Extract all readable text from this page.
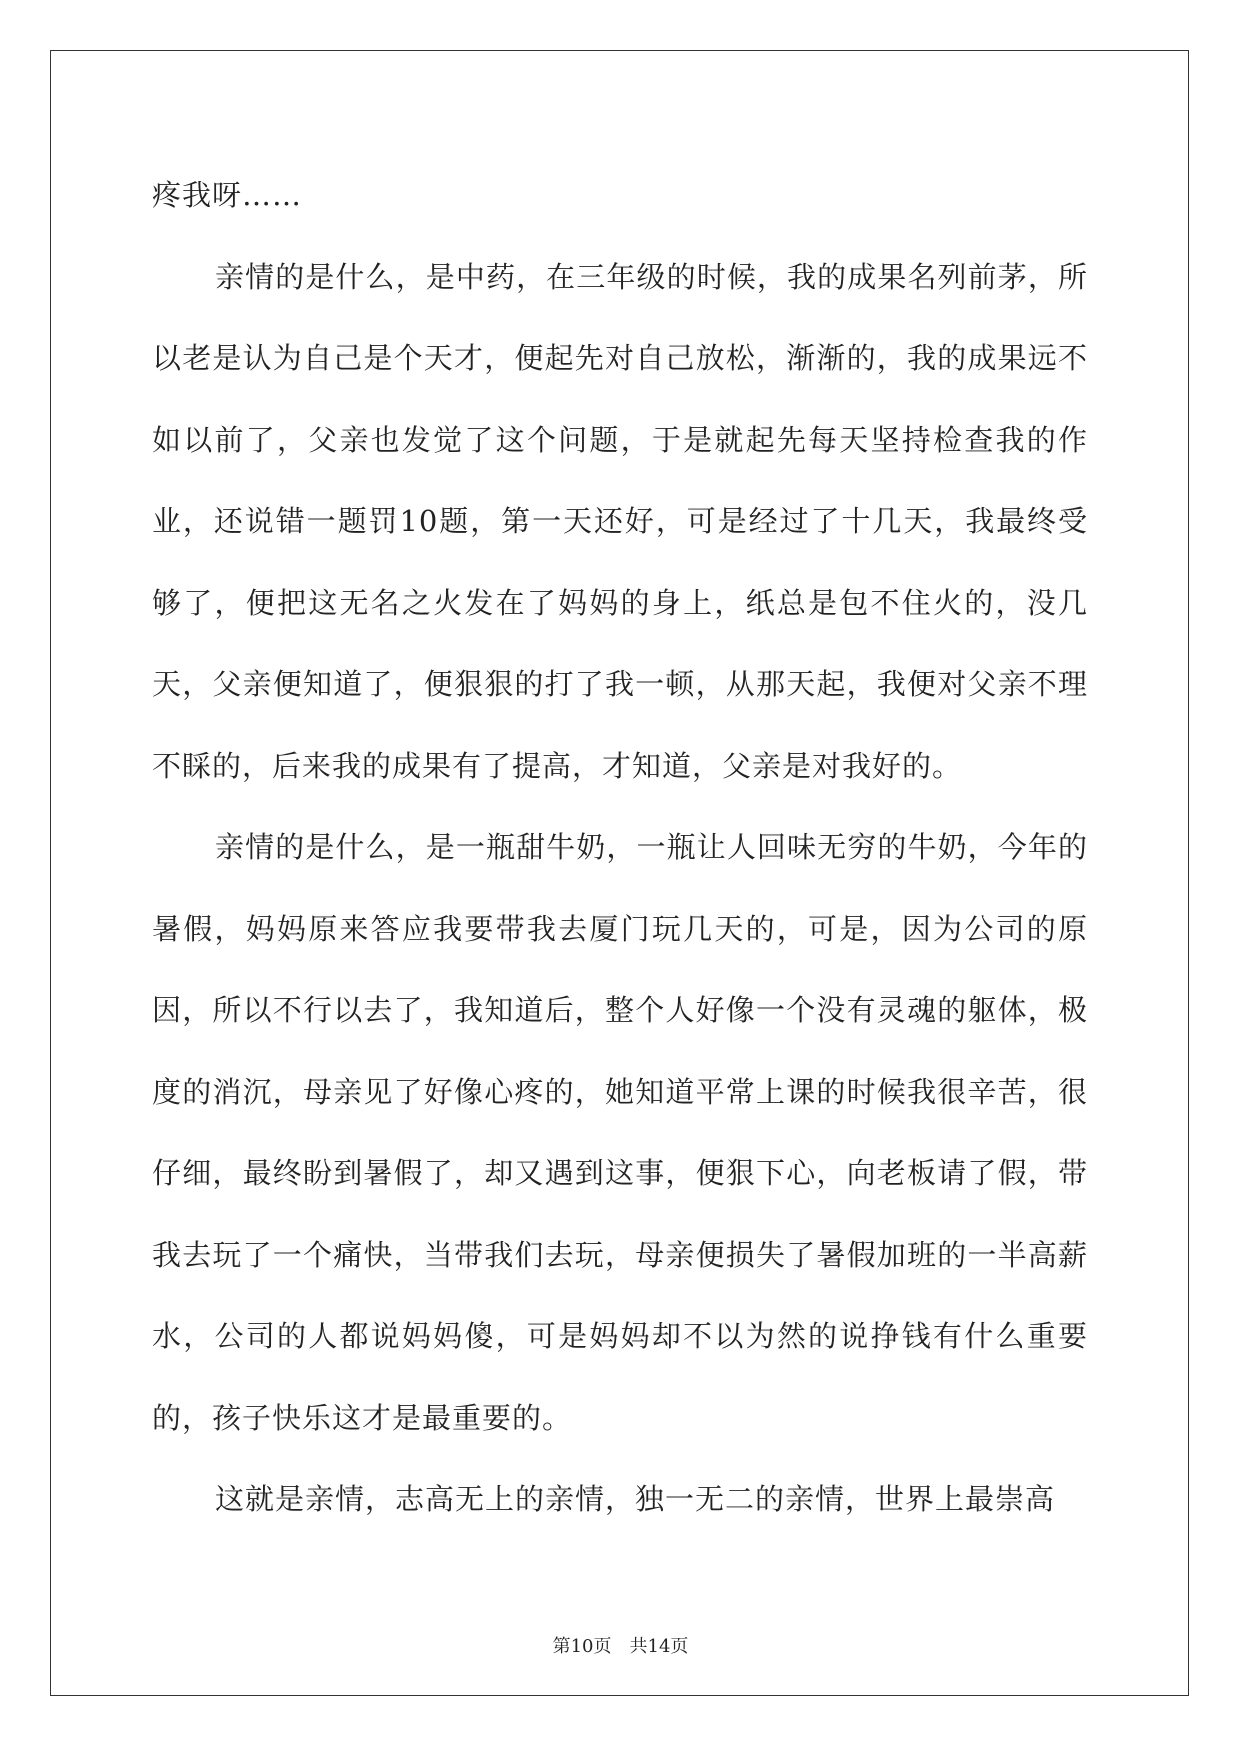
疼我呀……

亲情的是什么，是中药，在三年级的时候，我的成果名列前茅，所以老是认为自己是个天才，便起先对自己放松，渐渐的，我的成果远不如以前了，父亲也发觉了这个问题，于是就起先每天坚持检查我的作业，还说错一题罚10题，第一天还好，可是经过了十几天，我最终受够了，便把这无名之火发在了妈妈的身上，纸总是包不住火的，没几天，父亲便知道了，便狠狠的打了我一顿，从那天起，我便对父亲不理不睬的，后来我的成果有了提高，才知道，父亲是对我好的。

亲情的是什么，是一瓶甜牛奶，一瓶让人回味无穷的牛奶，今年的暑假，妈妈原来答应我要带我去厦门玩几天的，可是，因为公司的原因，所以不行以去了，我知道后，整个人好像一个没有灵魂的躯体，极度的消沉，母亲见了好像心疼的，她知道平常上课的时候我很辛苦，很仔细，最终盼到暑假了，却又遇到这事，便狠下心，向老板请了假，带我去玩了一个痛快，当带我们去玩，母亲便损失了暑假加班的一半高薪水，公司的人都说妈妈傻，可是妈妈却不以为然的说挣钱有什么重要的，孩子快乐这才是最重要的。

这就是亲情，志高无上的亲情，独一无二的亲情，世界上最崇高

第10页 共14页
